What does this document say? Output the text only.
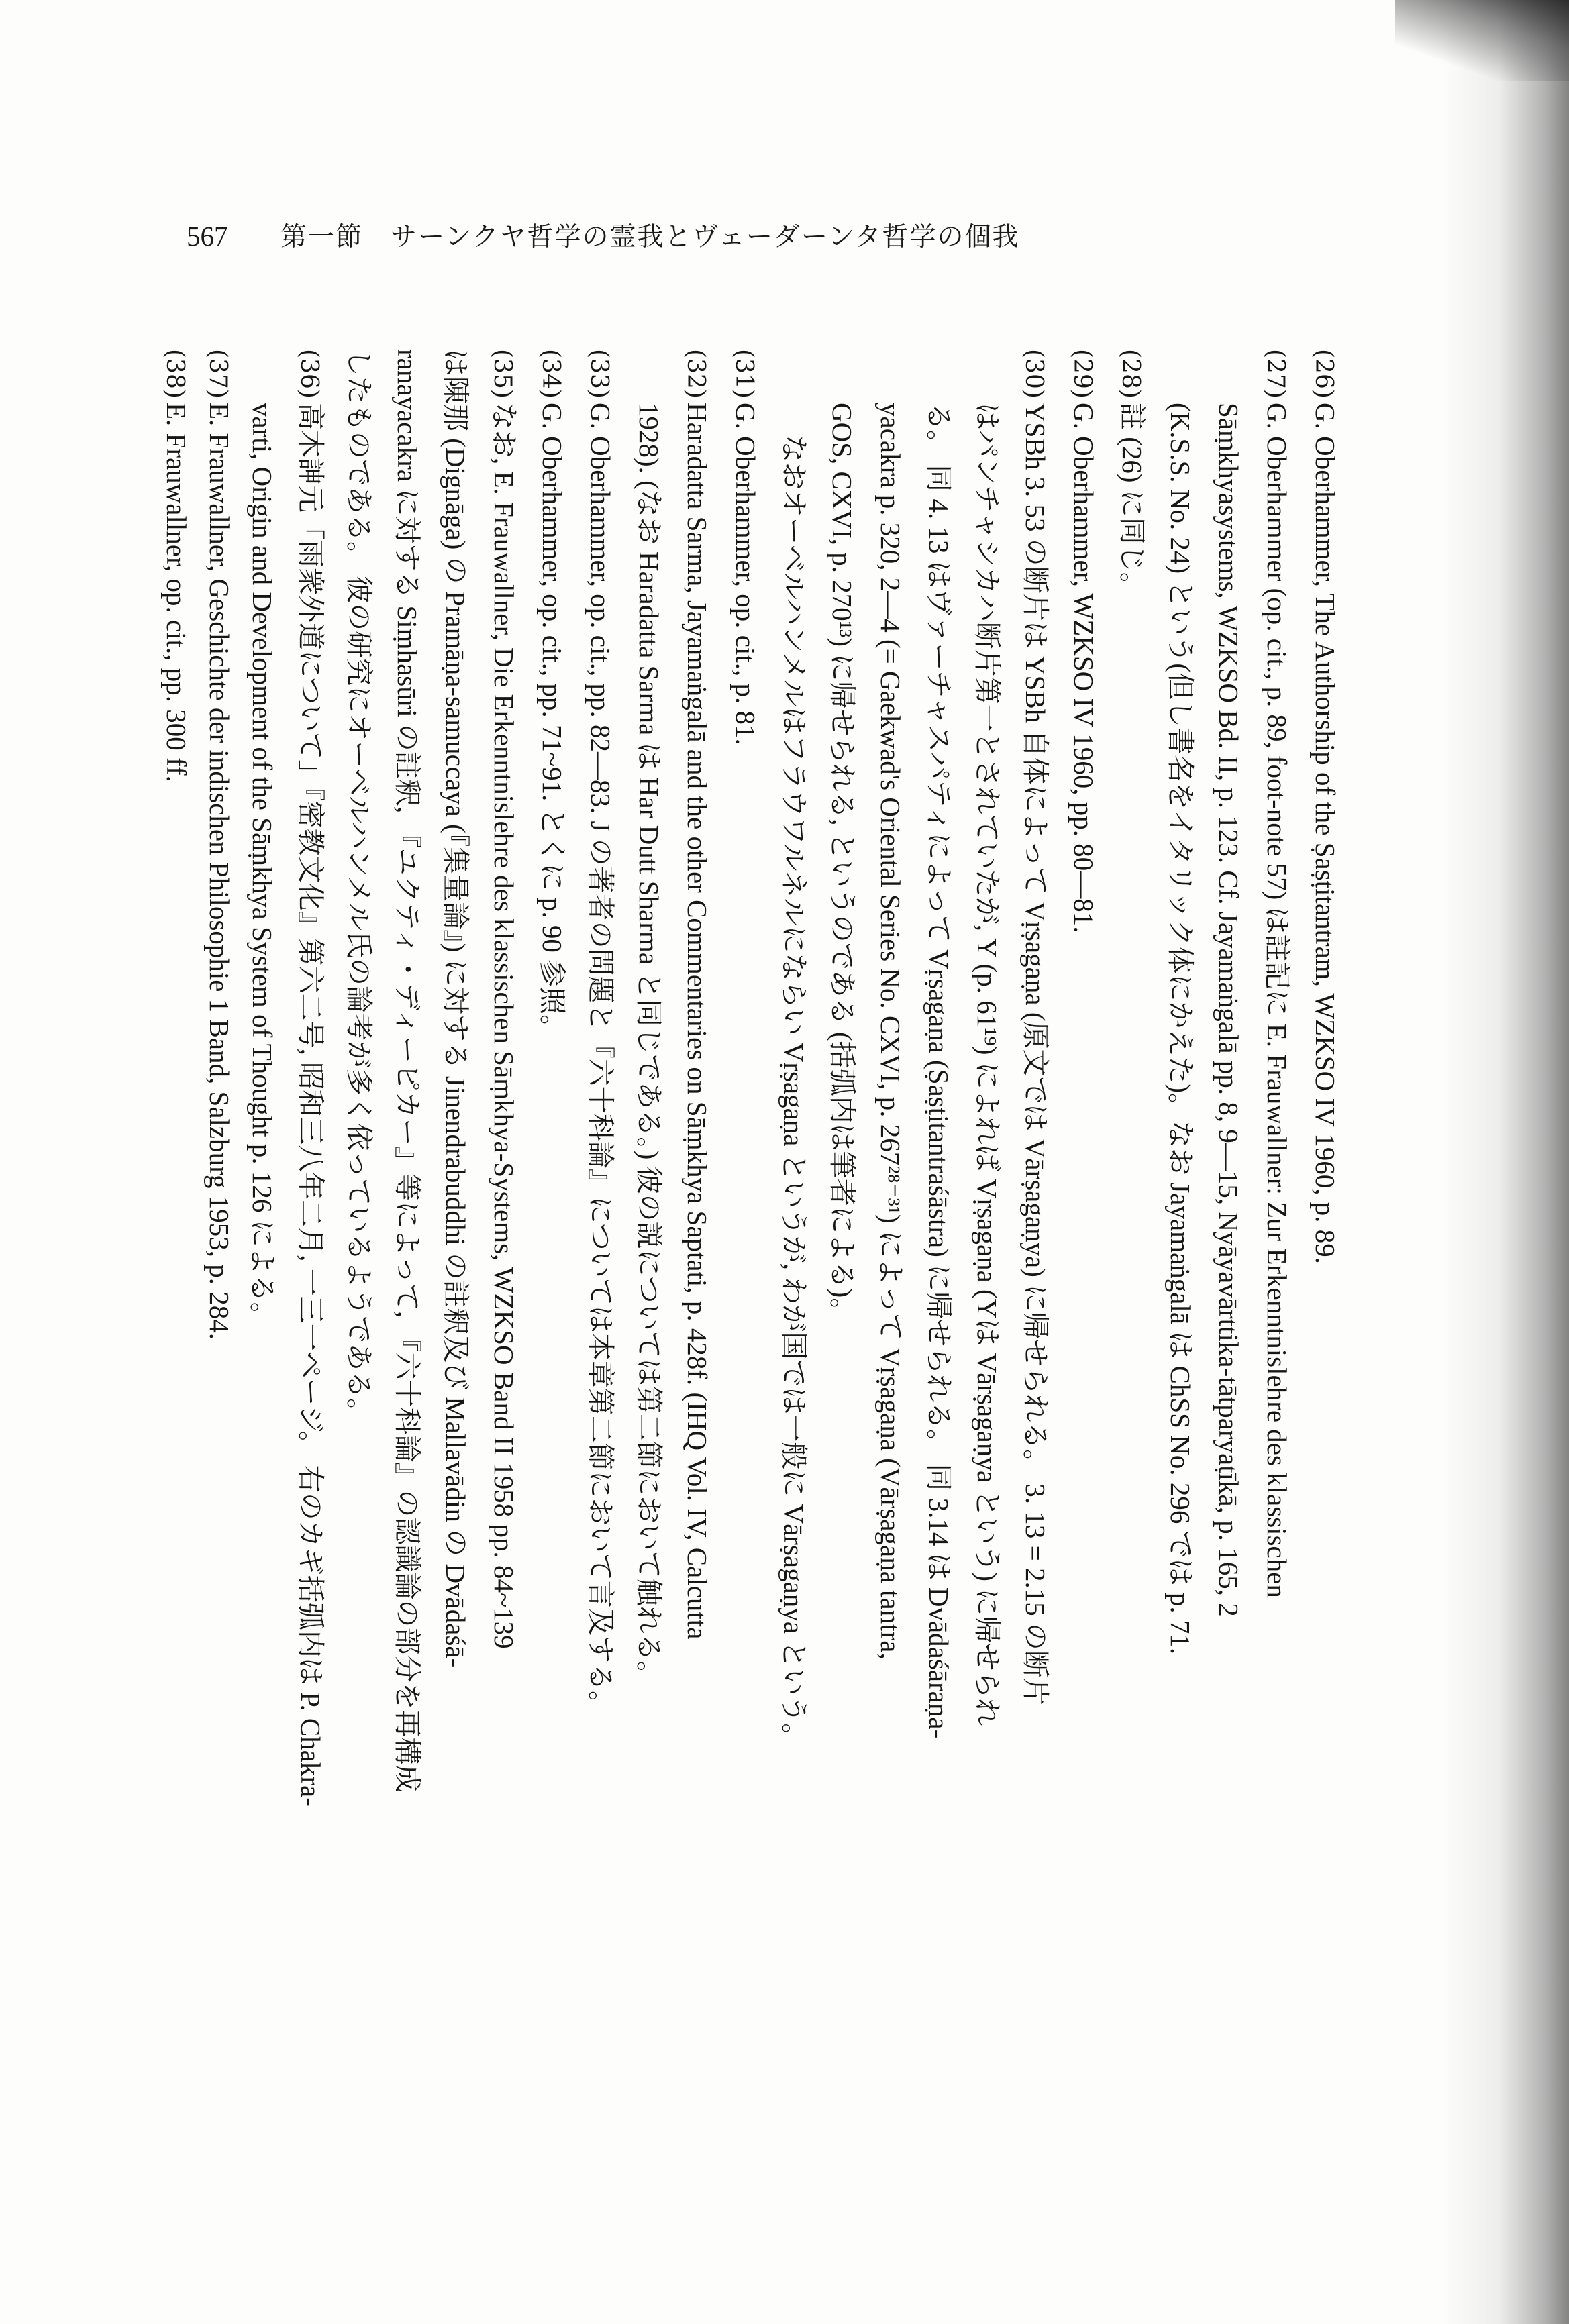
567 第一節　サーンクヤ哲学の霊我とヴェーダーンタ哲学の個我
(26)G. Oberhammer, The Authorship of the Ṣaṣṭitantram, WZKSO IV 1960, p. 89.
(27)G. Oberhammer (op. cit., p. 89, foot-note 57) は註記に E. Frauwallner: Zur Erkenntnislehre des klassischen
Sāṃkhyasystems, WZKSO Bd. II, p. 123. Cf. Jayamaṅgalā pp. 8, 9—15, Nyāyavārttika-tātparyaṭīkā, p. 165, 2
(K.S.S. No. 24) という(但し書名をイタリック体にかえた)。なお Jayamaṅgalā は ChSS No. 296 では p. 71.
(28)註 (26) に同じ。
(29)G. Oberhammer, WZKSO IV 1960, pp. 80—81.
(30)YSBh 3. 53 の断片は YSBh 自体によって Vṛṣagaṇa (原文では Vārṣagaṇya) に帰せられる。 3. 13 = 2.15 の断片
はパンチャシカハ断片第一とされていたが, Y (p. 61¹⁹) によれば Vṛṣagaṇa (Yは Vārṣagaṇya という) に帰せられ
る。 同 4. 13 はヴァーチャスパティによって Vṛṣagaṇa (Ṣaṣṭitantraśāstra) に帰せられる。 同 3.14 は Dvādaśāraṇa-
yacakra p. 320, 2—4 (= Gaekwad's Oriental Series No. CXVI, p. 267²⁸⁻³¹) によって Vṛṣagaṇa (Vārṣagaṇa tantra,
GOS, CXVI, p. 270¹³) に帰せられる, というのである (括弧内は筆者による)。
なおオーベルハンメルはフラウワルネルにならい Vṛṣagaṇa というが, わが国では一般に Vārṣagaṇya という。
(31)G. Oberhammer, op. cit., p. 81.
(32)Haradatta Sarma, Jayamaṅgalā and the other Commentaries on Sāṃkhya Saptati, p. 428f. (IHQ Vol. IV, Calcutta
1928). (なお Haradatta Sarma は Har Dutt Sharma と同じである。) 彼の説については第二節において触れる。
(33)G. Oberhammer, op. cit., pp. 82—83. J の著者の問題と『六十科論』については本章第二節において言及する。
(34)G. Oberhammer, op. cit., pp. 71~91. とくに p. 90 参照。
(35)なお, E. Frauwallner, Die Erkenntnislehre des klassischen Sāṃkhya-Systems, WZKSO Band II 1958 pp. 84~139
は陳那 (Dignāga) の Pramāṇa-samuccaya (『集量論』) に対する Jinendrabuddhi の註釈及び Mallavādin の Dvādaśā-
ranayacakra に対する Siṃhasūri の註釈, 『ユクティ・ディーピカー』等によって, 『六十科論』の認識論の部分を再構成
したものである。 彼の研究にオーベルハンメル氏の論考が多く依っているようである。
(36)高木訷元「雨衆外道について」『密教文化』第六二号, 昭和三八年二月, 一三一ページ。 右のカギ括弧内は P. Chakra-
varti, Origin and Development of the Sāṃkhya System of Thought p. 126 による。
(37)E. Frauwallner, Geschichte der indischen Philosophie 1 Band, Salzburg 1953, p. 284.
(38)E. Frauwallner, op. cit., pp. 300 ff.
